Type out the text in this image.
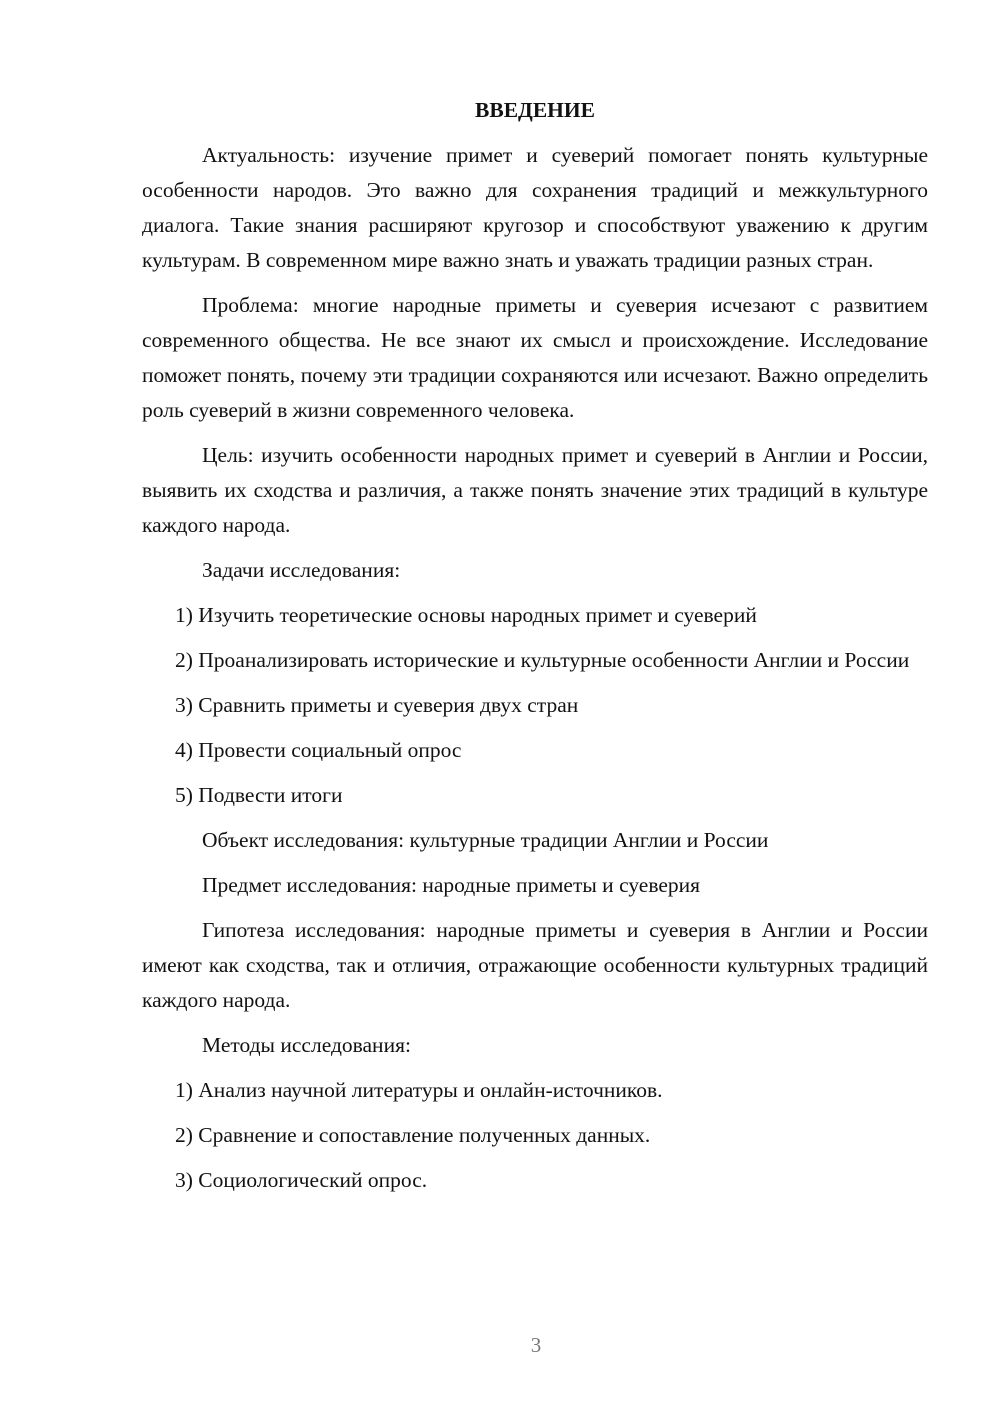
ВВЕДЕНИЕ

Актуальность: изучение примет и суеверий помогает понять культурные особенности народов. Это важно для сохранения традиций и межкультурного диалога. Такие знания расширяют кругозор и способствуют уважению к другим культурам. В современном мире важно знать и уважать традиции разных стран.

Проблема: многие народные приметы и суеверия исчезают с развитием современного общества. Не все знают их смысл и происхождение. Исследование поможет понять, почему эти традиции сохраняются или исчезают. Важно определить роль суеверий в жизни современного человека.

Цель: изучить особенности народных примет и суеверий в Англии и России, выявить их сходства и различия, а также понять значение этих традиций в культуре каждого народа.

Задачи исследования:

1) Изучить теоретические основы народных примет и суеверий

2) Проанализировать исторические и культурные особенности Англии и России

3) Сравнить приметы и суеверия двух стран

4) Провести социальный опрос

5) Подвести итоги

Объект исследования: культурные традиции Англии и России

Предмет исследования: народные приметы и суеверия

Гипотеза исследования: народные приметы и суеверия в Англии и России имеют как сходства, так и отличия, отражающие особенности культурных традиций каждого народа.

Методы исследования:

1) Анализ научной литературы и онлайн-источников.

2) Сравнение и сопоставление полученных данных.

3) Социологический опрос.

3
